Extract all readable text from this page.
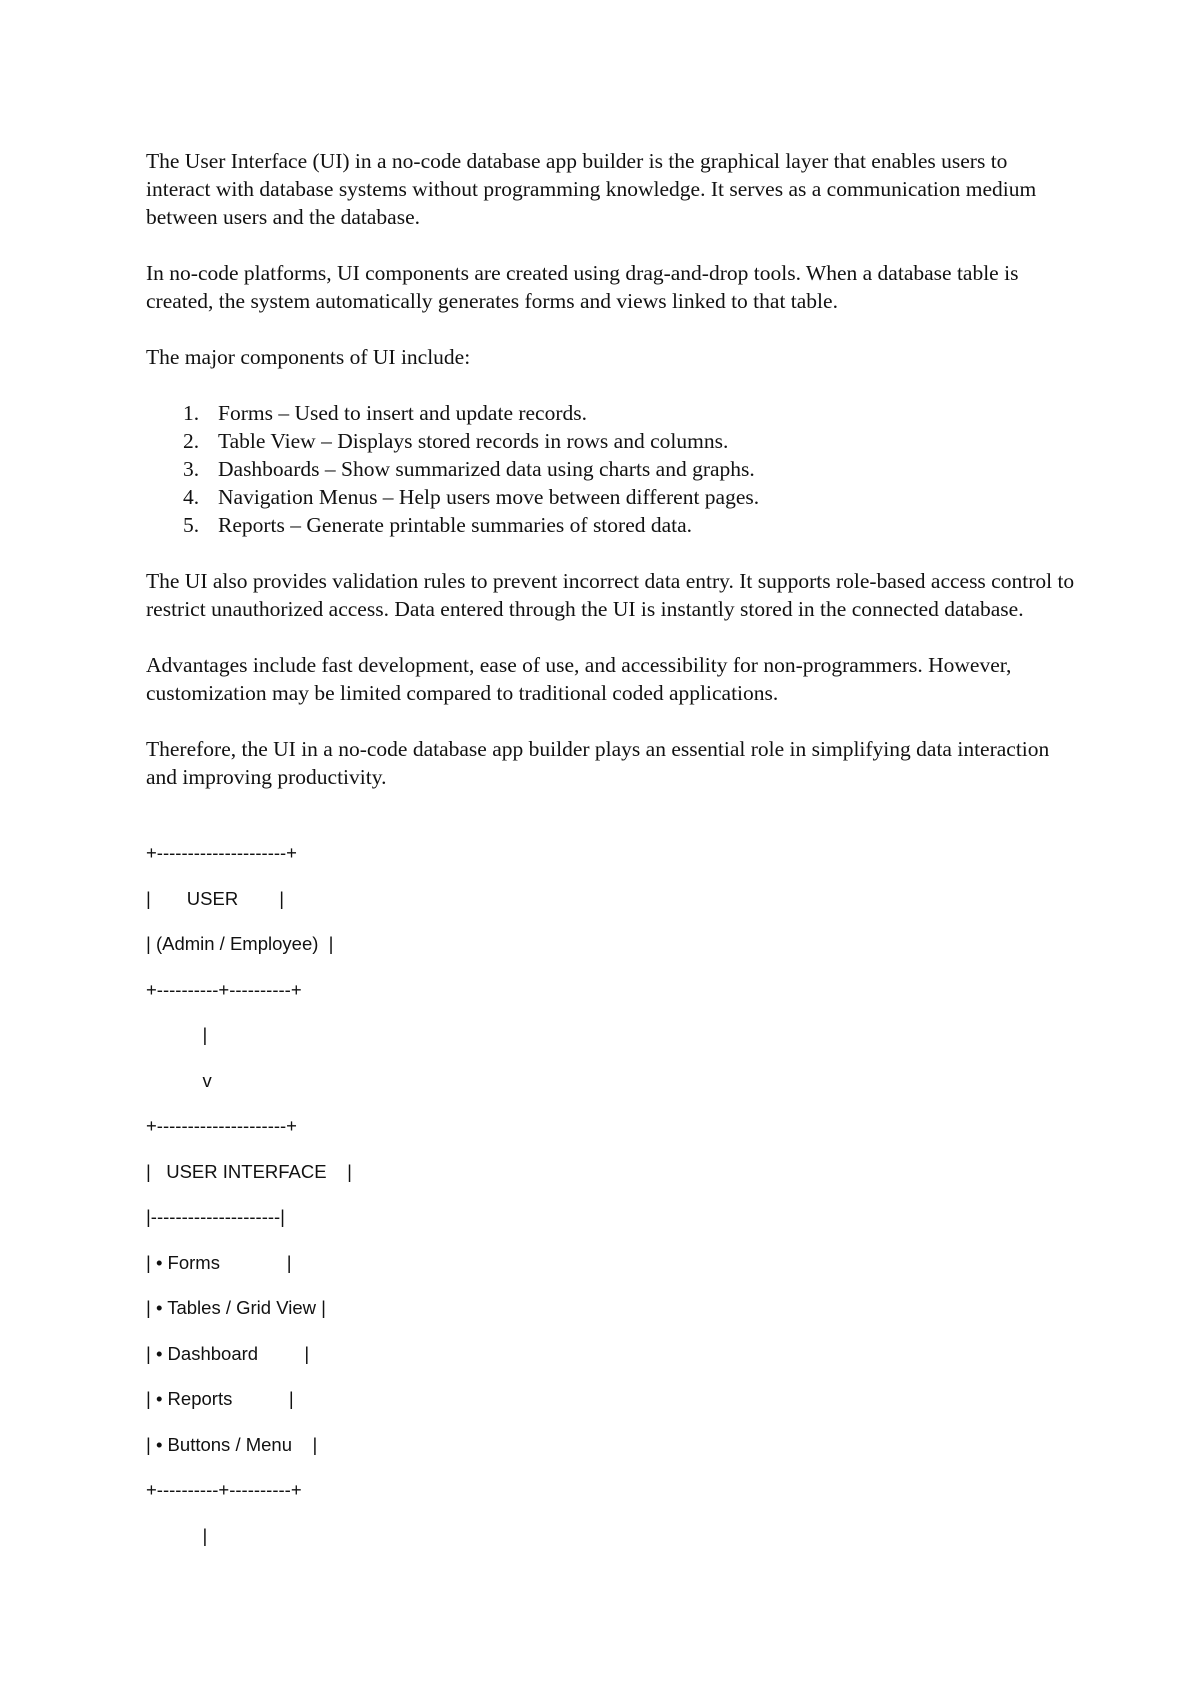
The User Interface (UI) in a no-code database app builder is the graphical layer that enables users to interact with database systems without programming knowledge. It serves as a communication medium between users and the database.

In no-code platforms, UI components are created using drag-and-drop tools. When a database table is created, the system automatically generates forms and views linked to that table.

The major components of UI include:

1. Forms – Used to insert and update records.
2. Table View – Displays stored records in rows and columns.
3. Dashboards – Show summarized data using charts and graphs.
4. Navigation Menus – Help users move between different pages.
5. Reports – Generate printable summaries of stored data.

The UI also provides validation rules to prevent incorrect data entry. It supports role-based access control to restrict unauthorized access. Data entered through the UI is instantly stored in the connected database.

Advantages include fast development, ease of use, and accessibility for non-programmers. However, customization may be limited compared to traditional coded applications.

Therefore, the UI in a no-code database app builder plays an essential role in simplifying data interaction and improving productivity.

+---------------------+
|       USER        |
| (Admin / Employee)  |
+----------+----------+
|
v
+---------------------+
|   USER INTERFACE    |
|---------------------|
| • Forms             |
| • Tables / Grid View |
| • Dashboard         |
| • Reports           |
| • Buttons / Menu    |
+----------+----------+
|
